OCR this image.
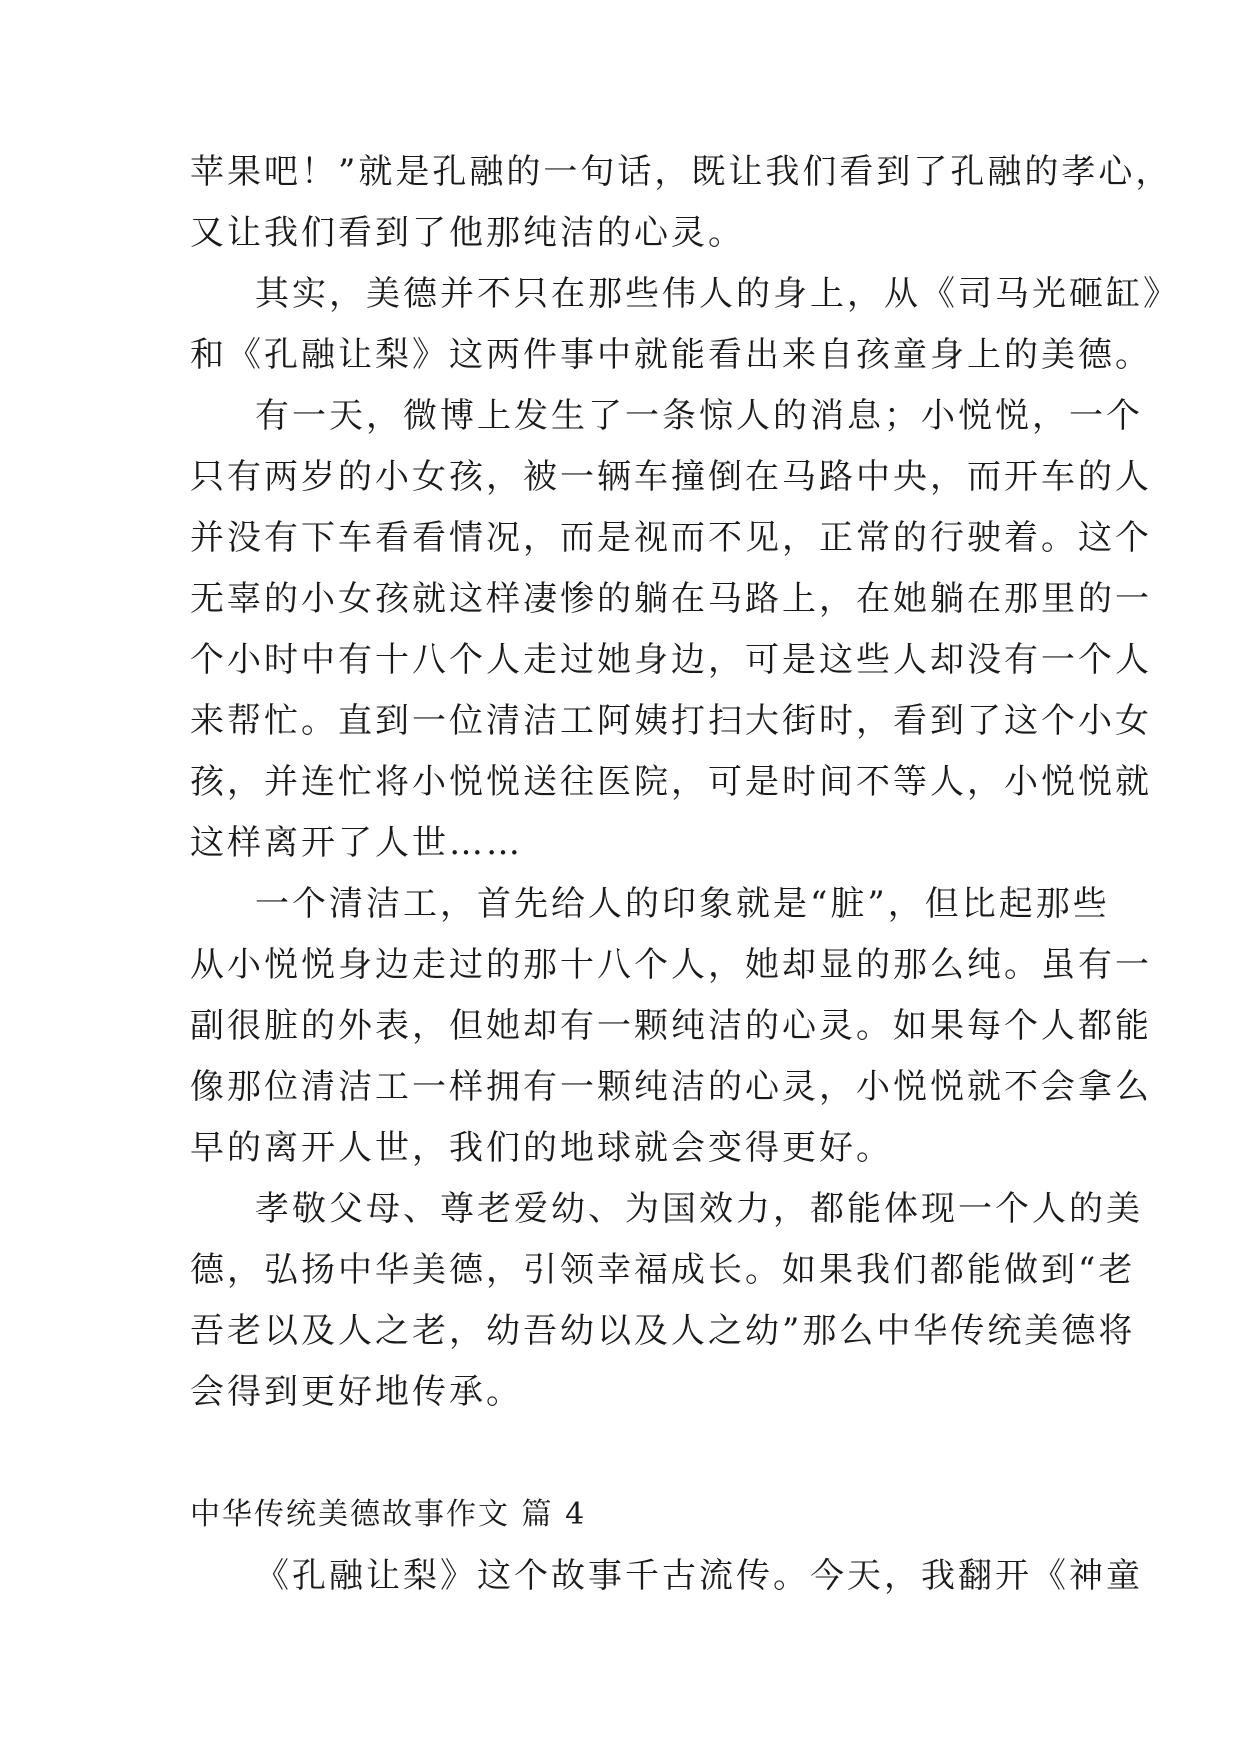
苹果吧！”就是孔融的一句话，既让我们看到了孔融的孝心，
又让我们看到了他那纯洁的心灵。
其实，美德并不只在那些伟人的身上，从《司马光砸缸》
和《孔融让梨》这两件事中就能看出来自孩童身上的美德。
有一天，微博上发生了一条惊人的消息；小悦悦，一个
只有两岁的小女孩，被一辆车撞倒在马路中央，而开车的人
并没有下车看看情况，而是视而不见，正常的行驶着。这个
无辜的小女孩就这样凄惨的躺在马路上，在她躺在那里的一
个小时中有十八个人走过她身边，可是这些人却没有一个人
来帮忙。直到一位清洁工阿姨打扫大街时，看到了这个小女
孩，并连忙将小悦悦送往医院，可是时间不等人，小悦悦就
这样离开了人世……
一个清洁工，首先给人的印象就是“脏”，但比起那些
从小悦悦身边走过的那十八个人，她却显的那么纯。虽有一
副很脏的外表，但她却有一颗纯洁的心灵。如果每个人都能
像那位清洁工一样拥有一颗纯洁的心灵，小悦悦就不会拿么
早的离开人世，我们的地球就会变得更好。
孝敬父母、尊老爱幼、为国效力，都能体现一个人的美
德，弘扬中华美德，引领幸福成长。如果我们都能做到“老
吾老以及人之老，幼吾幼以及人之幼”那么中华传统美德将
会得到更好地传承。
中华传统美德故事作文 篇 4
《孔融让梨》这个故事千古流传。今天，我翻开《神童
